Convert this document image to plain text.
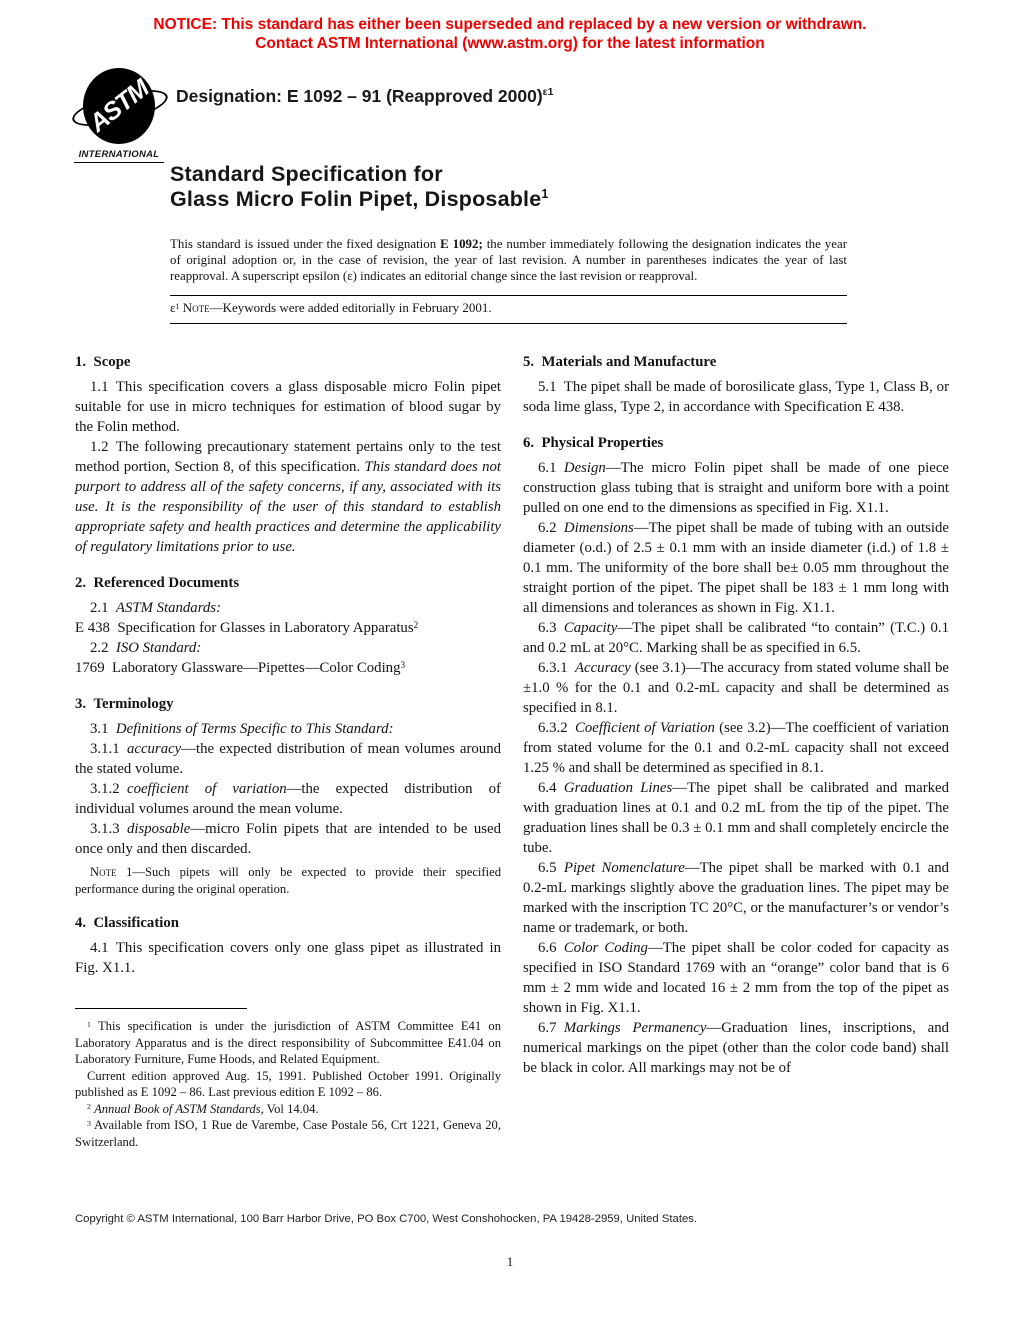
NOTICE: This standard has either been superseded and replaced by a new version or withdrawn.
Contact ASTM International (www.astm.org) for the latest information
ASTM
INTERNATIONAL
Designation: E 1092 – 91 (Reapproved 2000)$^{\varepsilon 1}$
Standard Specification for
Glass Micro Folin Pipet, Disposable$^1$

This standard is issued under the fixed designation E 1092; the number immediately following the designation indicates the year of original adoption or, in the case of revision, the year of last revision. A number in parentheses indicates the year of last reapproval. A superscript epsilon (ε) indicates an editorial change since the last revision or reapproval.

$\varepsilon^1$ Note—Keywords were added editorially in February 2001.

1. Scope

1.1 This specification covers a glass disposable micro Folin pipet suitable for use in micro techniques for estimation of blood sugar by the Folin method.

1.2 The following precautionary statement pertains only to the test method portion, Section 8, of this specification. This standard does not purport to address all of the safety concerns, if any, associated with its use. It is the responsibility of the user of this standard to establish appropriate safety and health practices and determine the applicability of regulatory limitations prior to use.

2. Referenced Documents

2.1 ASTM Standards:

E 438 Specification for Glasses in Laboratory Apparatus$^2$

2.2 ISO Standard:

1769 Laboratory Glassware—Pipettes—Color Coding$^3$

3. Terminology

3.1 Definitions of Terms Specific to This Standard:

3.1.1 accuracy—the expected distribution of mean volumes around the stated volume.

3.1.2 coefficient of variation—the expected distribution of individual volumes around the mean volume.

3.1.3 disposable—micro Folin pipets that are intended to be used once only and then discarded.

Note 1—Such pipets will only be expected to provide their specified performance during the original operation.

4. Classification

4.1 This specification covers only one glass pipet as illustrated in Fig. X1.1.

$^1$ This specification is under the jurisdiction of ASTM Committee E41 on Laboratory Apparatus and is the direct responsibility of Subcommittee E41.04 on Laboratory Furniture, Fume Hoods, and Related Equipment.

Current edition approved Aug. 15, 1991. Published October 1991. Originally published as E 1092 – 86. Last previous edition E 1092 – 86.

$^2$ Annual Book of ASTM Standards, Vol 14.04.

$^3$ Available from ISO, 1 Rue de Varembe, Case Postale 56, Crt 1221, Geneva 20, Switzerland.

5. Materials and Manufacture

5.1 The pipet shall be made of borosilicate glass, Type 1, Class B, or soda lime glass, Type 2, in accordance with Specification E 438.

6. Physical Properties

6.1 Design—The micro Folin pipet shall be made of one piece construction glass tubing that is straight and uniform bore with a point pulled on one end to the dimensions as specified in Fig. X1.1.

6.2 Dimensions—The pipet shall be made of tubing with an outside diameter (o.d.) of 2.5 ± 0.1 mm with an inside diameter (i.d.) of 1.8 ± 0.1 mm. The uniformity of the bore shall be± 0.05 mm throughout the straight portion of the pipet. The pipet shall be 183 ± 1 mm long with all dimensions and tolerances as shown in Fig. X1.1.

6.3 Capacity—The pipet shall be calibrated “to contain” (T.C.) 0.1 and 0.2 mL at 20°C. Marking shall be as specified in 6.5.

6.3.1 Accuracy (see 3.1)—The accuracy from stated volume shall be ±1.0 % for the 0.1 and 0.2-mL capacity and shall be determined as specified in 8.1.

6.3.2 Coefficient of Variation (see 3.2)—The coefficient of variation from stated volume for the 0.1 and 0.2-mL capacity shall not exceed 1.25 % and shall be determined as specified in 8.1.

6.4 Graduation Lines—The pipet shall be calibrated and marked with graduation lines at 0.1 and 0.2 mL from the tip of the pipet. The graduation lines shall be 0.3 ± 0.1 mm and shall completely encircle the tube.

6.5 Pipet Nomenclature—The pipet shall be marked with 0.1 and 0.2-mL markings slightly above the graduation lines. The pipet may be marked with the inscription TC 20°C, or the manufacturer’s or vendor’s name or trademark, or both.

6.6 Color Coding—The pipet shall be color coded for capacity as specified in ISO Standard 1769 with an “orange” color band that is 6 mm ± 2 mm wide and located 16 ± 2 mm from the top of the pipet as shown in Fig. X1.1.

6.7 Markings Permanency—Graduation lines, inscriptions, and numerical markings on the pipet (other than the color code band) shall be black in color. All markings may not be of

Copyright © ASTM International, 100 Barr Harbor Drive, PO Box C700, West Conshohocken, PA 19428-2959, United States.
1
